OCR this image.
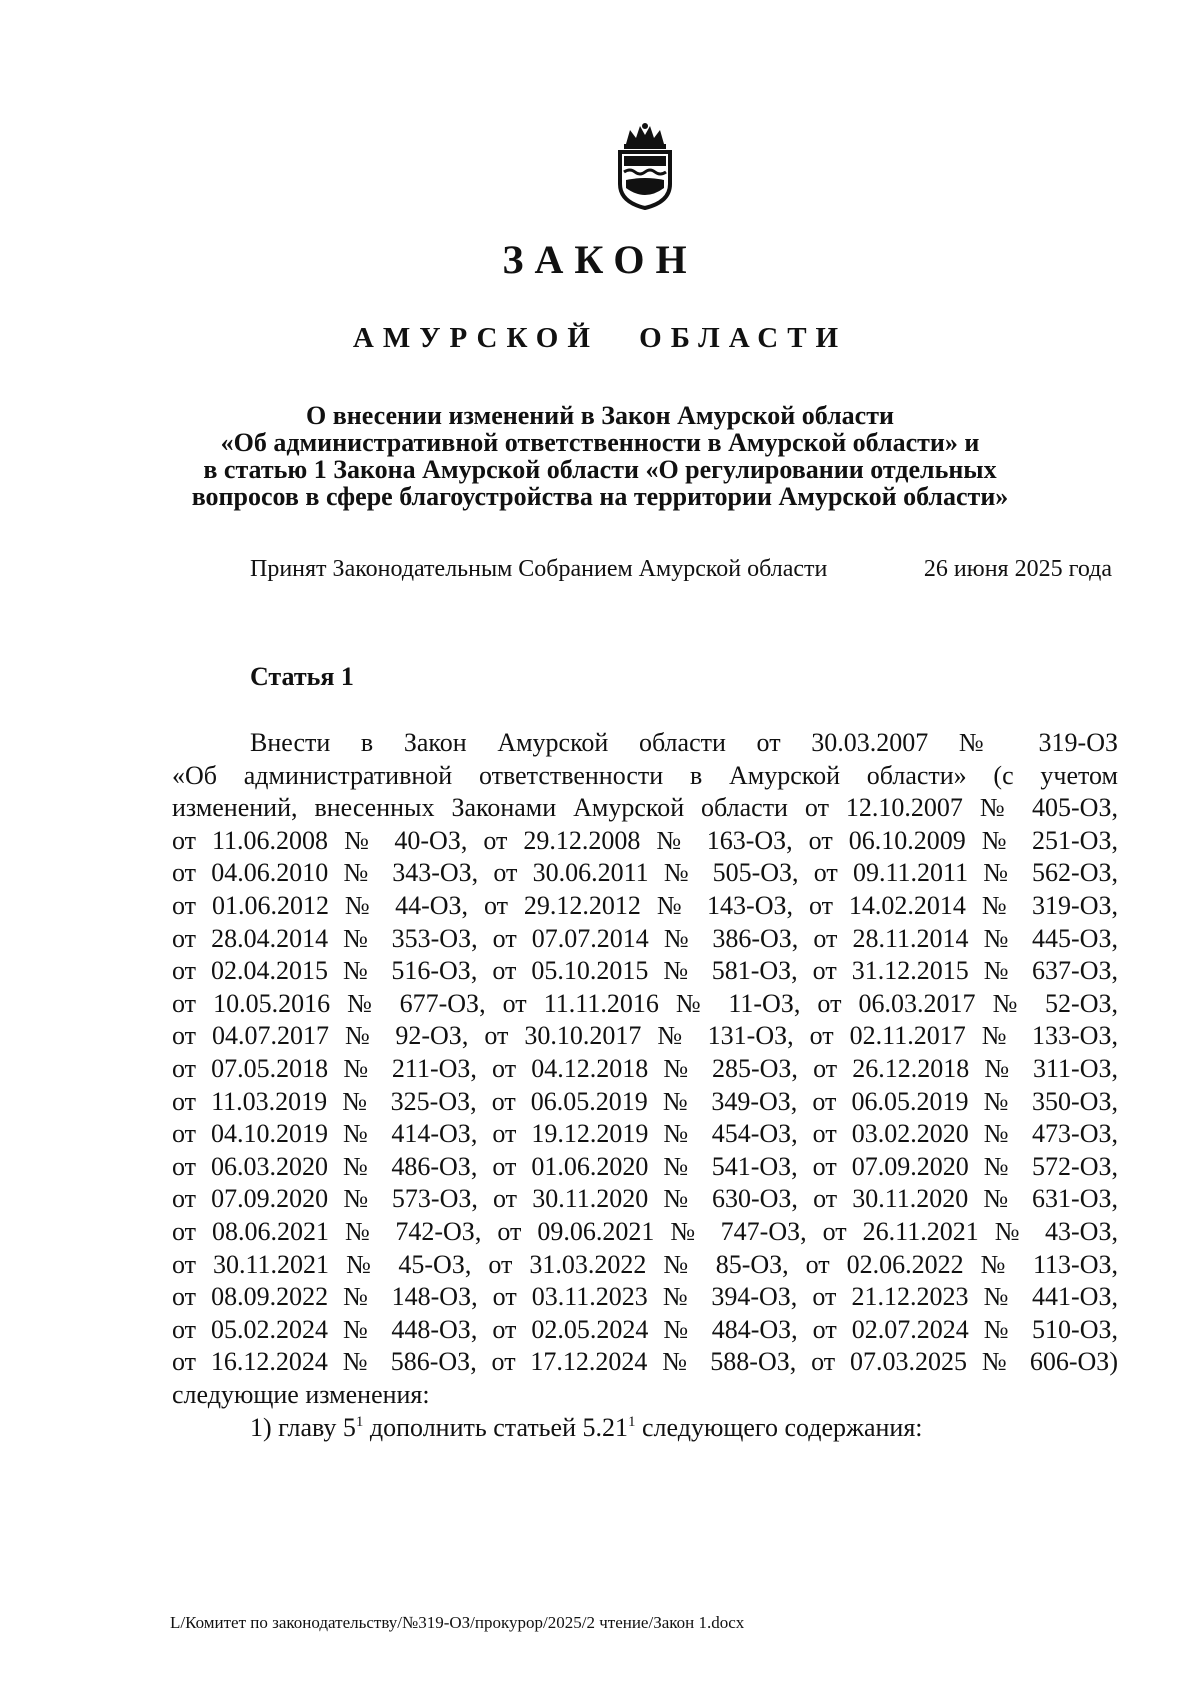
ЗАКОН
АМУРСКОЙ ОБЛАСТИ
О внесении изменений в Закон Амурской области
«Об административной ответственности в Амурской области» и
в статью 1 Закона Амурской области «О регулировании отдельных
вопросов в сфере благоустройства на территории Амурской области»
Принят Законодательным Собранием Амурской области	26 июня 2025 года
Статья 1
Внести в Закон Амурской области от 30.03.2007 № 319-ОЗ
«Об административной ответственности в Амурской области» (с учетом
изменений, внесенных Законами Амурской области от 12.10.2007 № 405-ОЗ,
от 11.06.2008 № 40-ОЗ, от 29.12.2008 № 163-ОЗ, от 06.10.2009 № 251-ОЗ,
от 04.06.2010 № 343-ОЗ, от 30.06.2011 № 505-ОЗ, от 09.11.2011 № 562-ОЗ,
от 01.06.2012 № 44-ОЗ, от 29.12.2012 № 143-ОЗ, от 14.02.2014 № 319-ОЗ,
от 28.04.2014 № 353-ОЗ, от 07.07.2014 № 386-ОЗ, от 28.11.2014 № 445-ОЗ,
от 02.04.2015 № 516-ОЗ, от 05.10.2015 № 581-ОЗ, от 31.12.2015 № 637-ОЗ,
от 10.05.2016 № 677-ОЗ, от 11.11.2016 № 11-ОЗ, от 06.03.2017 № 52-ОЗ,
от 04.07.2017 № 92-ОЗ, от 30.10.2017 № 131-ОЗ, от 02.11.2017 № 133-ОЗ,
от 07.05.2018 № 211-ОЗ, от 04.12.2018 № 285-ОЗ, от 26.12.2018 № 311-ОЗ,
от 11.03.2019 № 325-ОЗ, от 06.05.2019 № 349-ОЗ, от 06.05.2019 № 350-ОЗ,
от 04.10.2019 № 414-ОЗ, от 19.12.2019 № 454-ОЗ, от 03.02.2020 № 473-ОЗ,
от 06.03.2020 № 486-ОЗ, от 01.06.2020 № 541-ОЗ, от 07.09.2020 № 572-ОЗ,
от 07.09.2020 № 573-ОЗ, от 30.11.2020 № 630-ОЗ, от 30.11.2020 № 631-ОЗ,
от 08.06.2021 № 742-ОЗ, от 09.06.2021 № 747-ОЗ, от 26.11.2021 № 43-ОЗ,
от 30.11.2021 № 45-ОЗ, от 31.03.2022 № 85-ОЗ, от 02.06.2022 № 113-ОЗ,
от 08.09.2022 № 148-ОЗ, от 03.11.2023 № 394-ОЗ, от 21.12.2023 № 441-ОЗ,
от 05.02.2024 № 448-ОЗ, от 02.05.2024 № 484-ОЗ, от 02.07.2024 № 510-ОЗ,
от 16.12.2024 № 586-ОЗ, от 17.12.2024 № 588-ОЗ, от 07.03.2025 № 606-ОЗ)
следующие изменения:
1) главу $5^1$ дополнить статьей 5.21$^1$ следующего содержания:
L/Комитет по законодательству/№319-ОЗ/прокурор/2025/2 чтение/Закон 1.docx
